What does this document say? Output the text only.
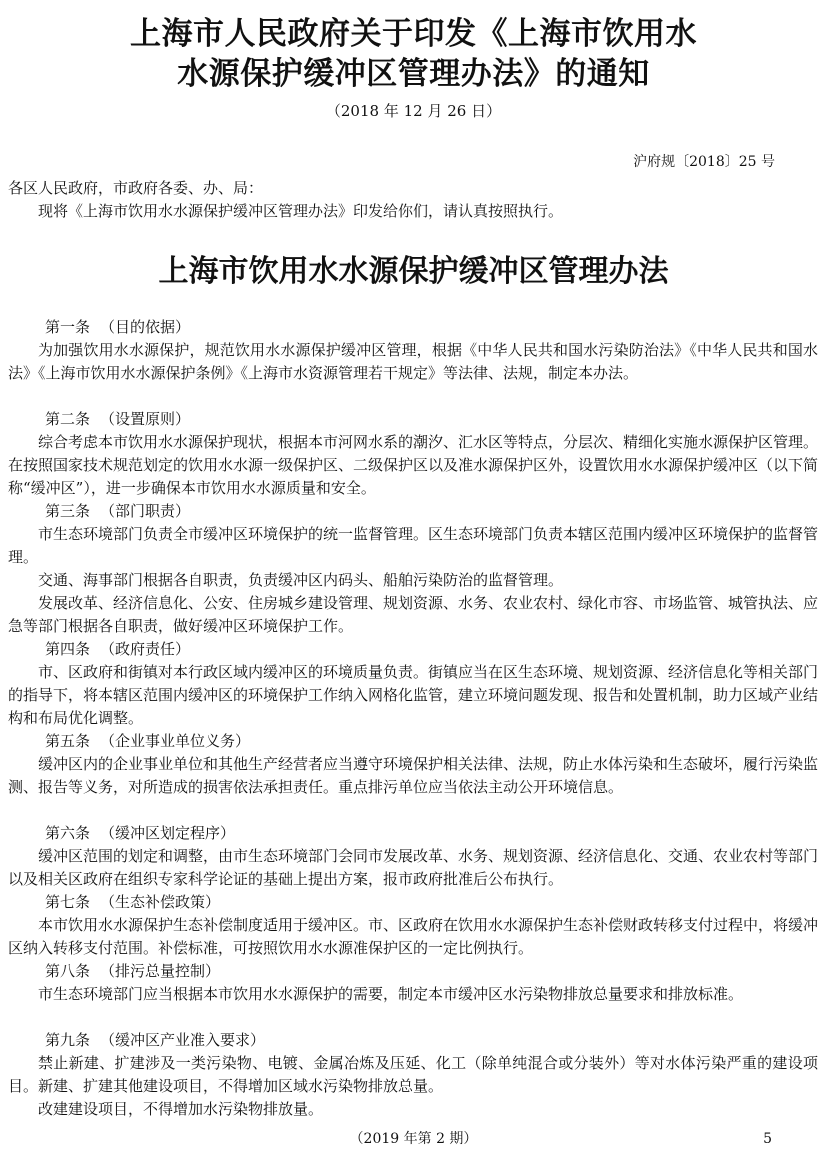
上海市人民政府关于印发《上海市饮用水
水源保护缓冲区管理办法》的通知
（2018 年 12 月 26 日）
沪府规〔2018〕25 号

各区人民政府，市政府各委、办、局：

现将《上海市饮用水水源保护缓冲区管理办法》印发给你们，请认真按照执行。

上海市饮用水水源保护缓冲区管理办法

第一条 （目的依据）

为加强饮用水水源保护，规范饮用水水源保护缓冲区管理，根据《中华人民共和国水污染防治法》《中华人民共和国水法》《上海市饮用水水源保护条例》《上海市水资源管理若干规定》等法律、法规，制定本办法。

第二条 （设置原则）

综合考虑本市饮用水水源保护现状，根据本市河网水系的潮汐、汇水区等特点，分层次、精细化实施水源保护区管理。在按照国家技术规范划定的饮用水水源一级保护区、二级保护区以及准水源保护区外，设置饮用水水源保护缓冲区（以下简称“缓冲区”），进一步确保本市饮用水水源质量和安全。

第三条 （部门职责）

市生态环境部门负责全市缓冲区环境保护的统一监督管理。区生态环境部门负责本辖区范围内缓冲区环境保护的监督管理。

交通、海事部门根据各自职责，负责缓冲区内码头、船舶污染防治的监督管理。

发展改革、经济信息化、公安、住房城乡建设管理、规划资源、水务、农业农村、绿化市容、市场监管、城管执法、应急等部门根据各自职责，做好缓冲区环境保护工作。

第四条 （政府责任）

市、区政府和街镇对本行政区域内缓冲区的环境质量负责。街镇应当在区生态环境、规划资源、经济信息化等相关部门的指导下，将本辖区范围内缓冲区的环境保护工作纳入网格化监管，建立环境问题发现、报告和处置机制，助力区域产业结构和布局优化调整。

第五条 （企业事业单位义务）

缓冲区内的企业事业单位和其他生产经营者应当遵守环境保护相关法律、法规，防止水体污染和生态破坏，履行污染监测、报告等义务，对所造成的损害依法承担责任。重点排污单位应当依法主动公开环境信息。

第六条 （缓冲区划定程序）

缓冲区范围的划定和调整，由市生态环境部门会同市发展改革、水务、规划资源、经济信息化、交通、农业农村等部门以及相关区政府在组织专家科学论证的基础上提出方案，报市政府批准后公布执行。

第七条 （生态补偿政策）

本市饮用水水源保护生态补偿制度适用于缓冲区。市、区政府在饮用水水源保护生态补偿财政转移支付过程中，将缓冲区纳入转移支付范围。补偿标准，可按照饮用水水源准保护区的一定比例执行。

第八条 （排污总量控制）

市生态环境部门应当根据本市饮用水水源保护的需要，制定本市缓冲区水污染物排放总量要求和排放标准。

第九条 （缓冲区产业准入要求）

禁止新建、扩建涉及一类污染物、电镀、金属冶炼及压延、化工（除单纯混合或分装外）等对水体污染严重的建设项目。新建、扩建其他建设项目，不得增加区域水污染物排放总量。

改建建设项目，不得增加水污染物排放量。

（2019 年第 2 期）	5
